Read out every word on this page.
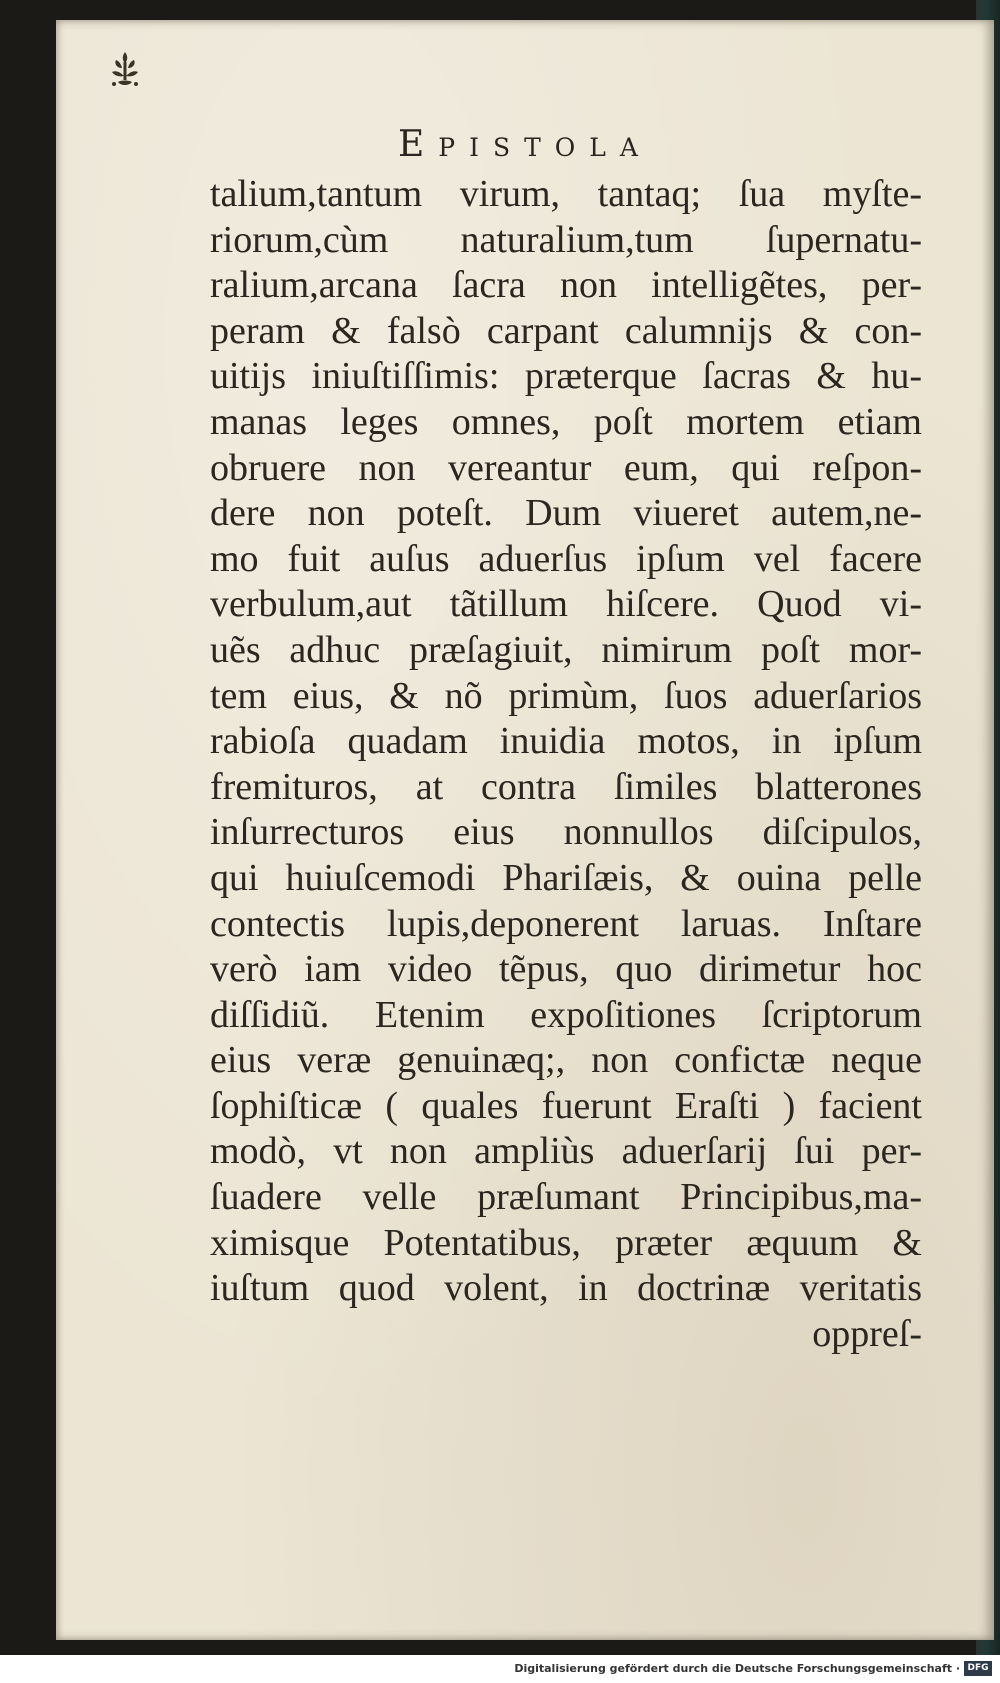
Epistola
talium,tantum virum, tantaq; ſua myſte-
riorum,cùm naturalium,tum ſupernatu-
ralium,arcana ſacra non intelligẽtes, per-
peram & falsò carpant calumnijs & con-
uitijs iniuſtiſſimis: præterque ſacras & hu-
manas leges omnes, poſt mortem etiam
obruere non vereantur eum, qui reſpon-
dere non poteſt. Dum viueret autem,ne-
mo fuit auſus aduerſus ipſum vel facere
verbulum,aut tãtillum hiſcere. Quod vi-
uẽs adhuc præſagiuit, nimirum poſt mor-
tem eius, & nõ primùm, ſuos aduerſarios
rabioſa quadam inuidia motos, in ipſum
fremituros, at contra ſimiles blatterones
inſurrecturos eius nonnullos diſcipulos,
qui huiuſcemodi Phariſæis, & ouina pelle
contectis lupis,deponerent laruas. Inſtare
verò iam video tẽpus, quo dirimetur hoc
diſſidiũ. Etenim expoſitiones ſcriptorum
eius veræ genuinæq;, non confictæ neque
ſophiſticæ ( quales fuerunt Eraſti ) facient
modò, vt non ampliùs aduerſarij ſui per-
ſuadere velle præſumant Principibus,ma-
ximisque Potentatibus, præter æquum &
iuſtum quod volent, in doctrinæ veritatis
oppreſ-
Digitalisierung gefördert durch die Deutsche Forschungsgemeinschaft · DFG
